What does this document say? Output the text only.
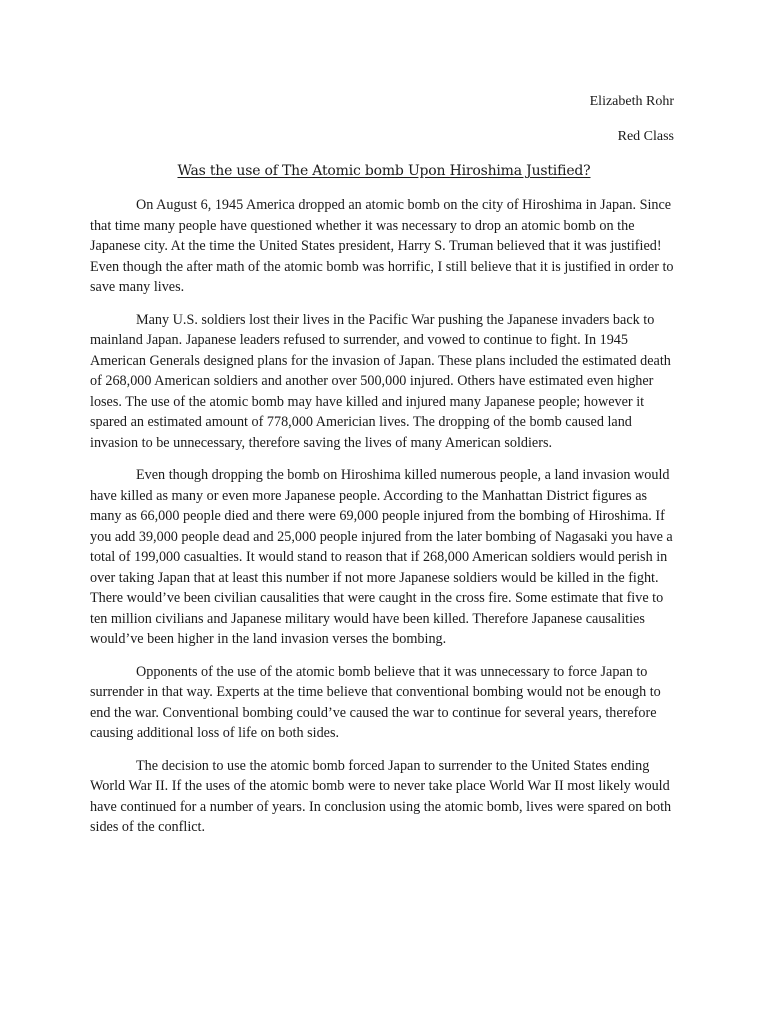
Elizabeth Rohr
Red Class
Was the use of The Atomic bomb Upon Hiroshima Justified?

On August 6, 1945 America dropped an atomic bomb on the city of Hiroshima in Japan. Since that time many people have questioned whether it was necessary to drop an atomic bomb on the Japanese city. At the time the United States president, Harry S. Truman believed that it was justified! Even though the after math of the atomic bomb was horrific, I still believe that it is justified in order to save many lives.

Many U.S. soldiers lost their lives in the Pacific War pushing the Japanese invaders back to mainland Japan. Japanese leaders refused to surrender, and vowed to continue to fight. In 1945 American Generals designed plans for the invasion of Japan. These plans included the estimated death of 268,000 American soldiers and another over 500,000 injured. Others have estimated even higher loses. The use of the atomic bomb may have killed and injured many Japanese people; however it spared an estimated amount of 778,000 Americian lives. The dropping of the bomb caused land invasion to be unnecessary, therefore saving the lives of many American soldiers.

Even though dropping the bomb on Hiroshima killed numerous people, a land invasion would have killed as many or even more Japanese people. According to the Manhattan District figures as many as 66,000 people died and there were 69,000 people injured from the bombing of Hiroshima. If you add 39,000 people dead and 25,000 people injured from the later bombing of Nagasaki you have a total of 199,000 casualties. It would stand to reason that if 268,000 American soldiers would perish in over taking Japan that at least this number if not more Japanese soldiers would be killed in the fight. There would’ve been civilian causalities that were caught in the cross fire. Some estimate that five to ten million civilians and Japanese military would have been killed. Therefore Japanese causalities would’ve been higher in the land invasion verses the bombing.

Opponents of the use of the atomic bomb believe that it was unnecessary to force Japan to surrender in that way. Experts at the time believe that conventional bombing would not be enough to end the war. Conventional bombing could’ve caused the war to continue for several years, therefore causing additional loss of life on both sides.

The decision to use the atomic bomb forced Japan to surrender to the United States ending World War II. If the uses of the atomic bomb were to never take place World War II most likely would have continued for a number of years. In conclusion using the atomic bomb, lives were spared on both sides of the conflict.
